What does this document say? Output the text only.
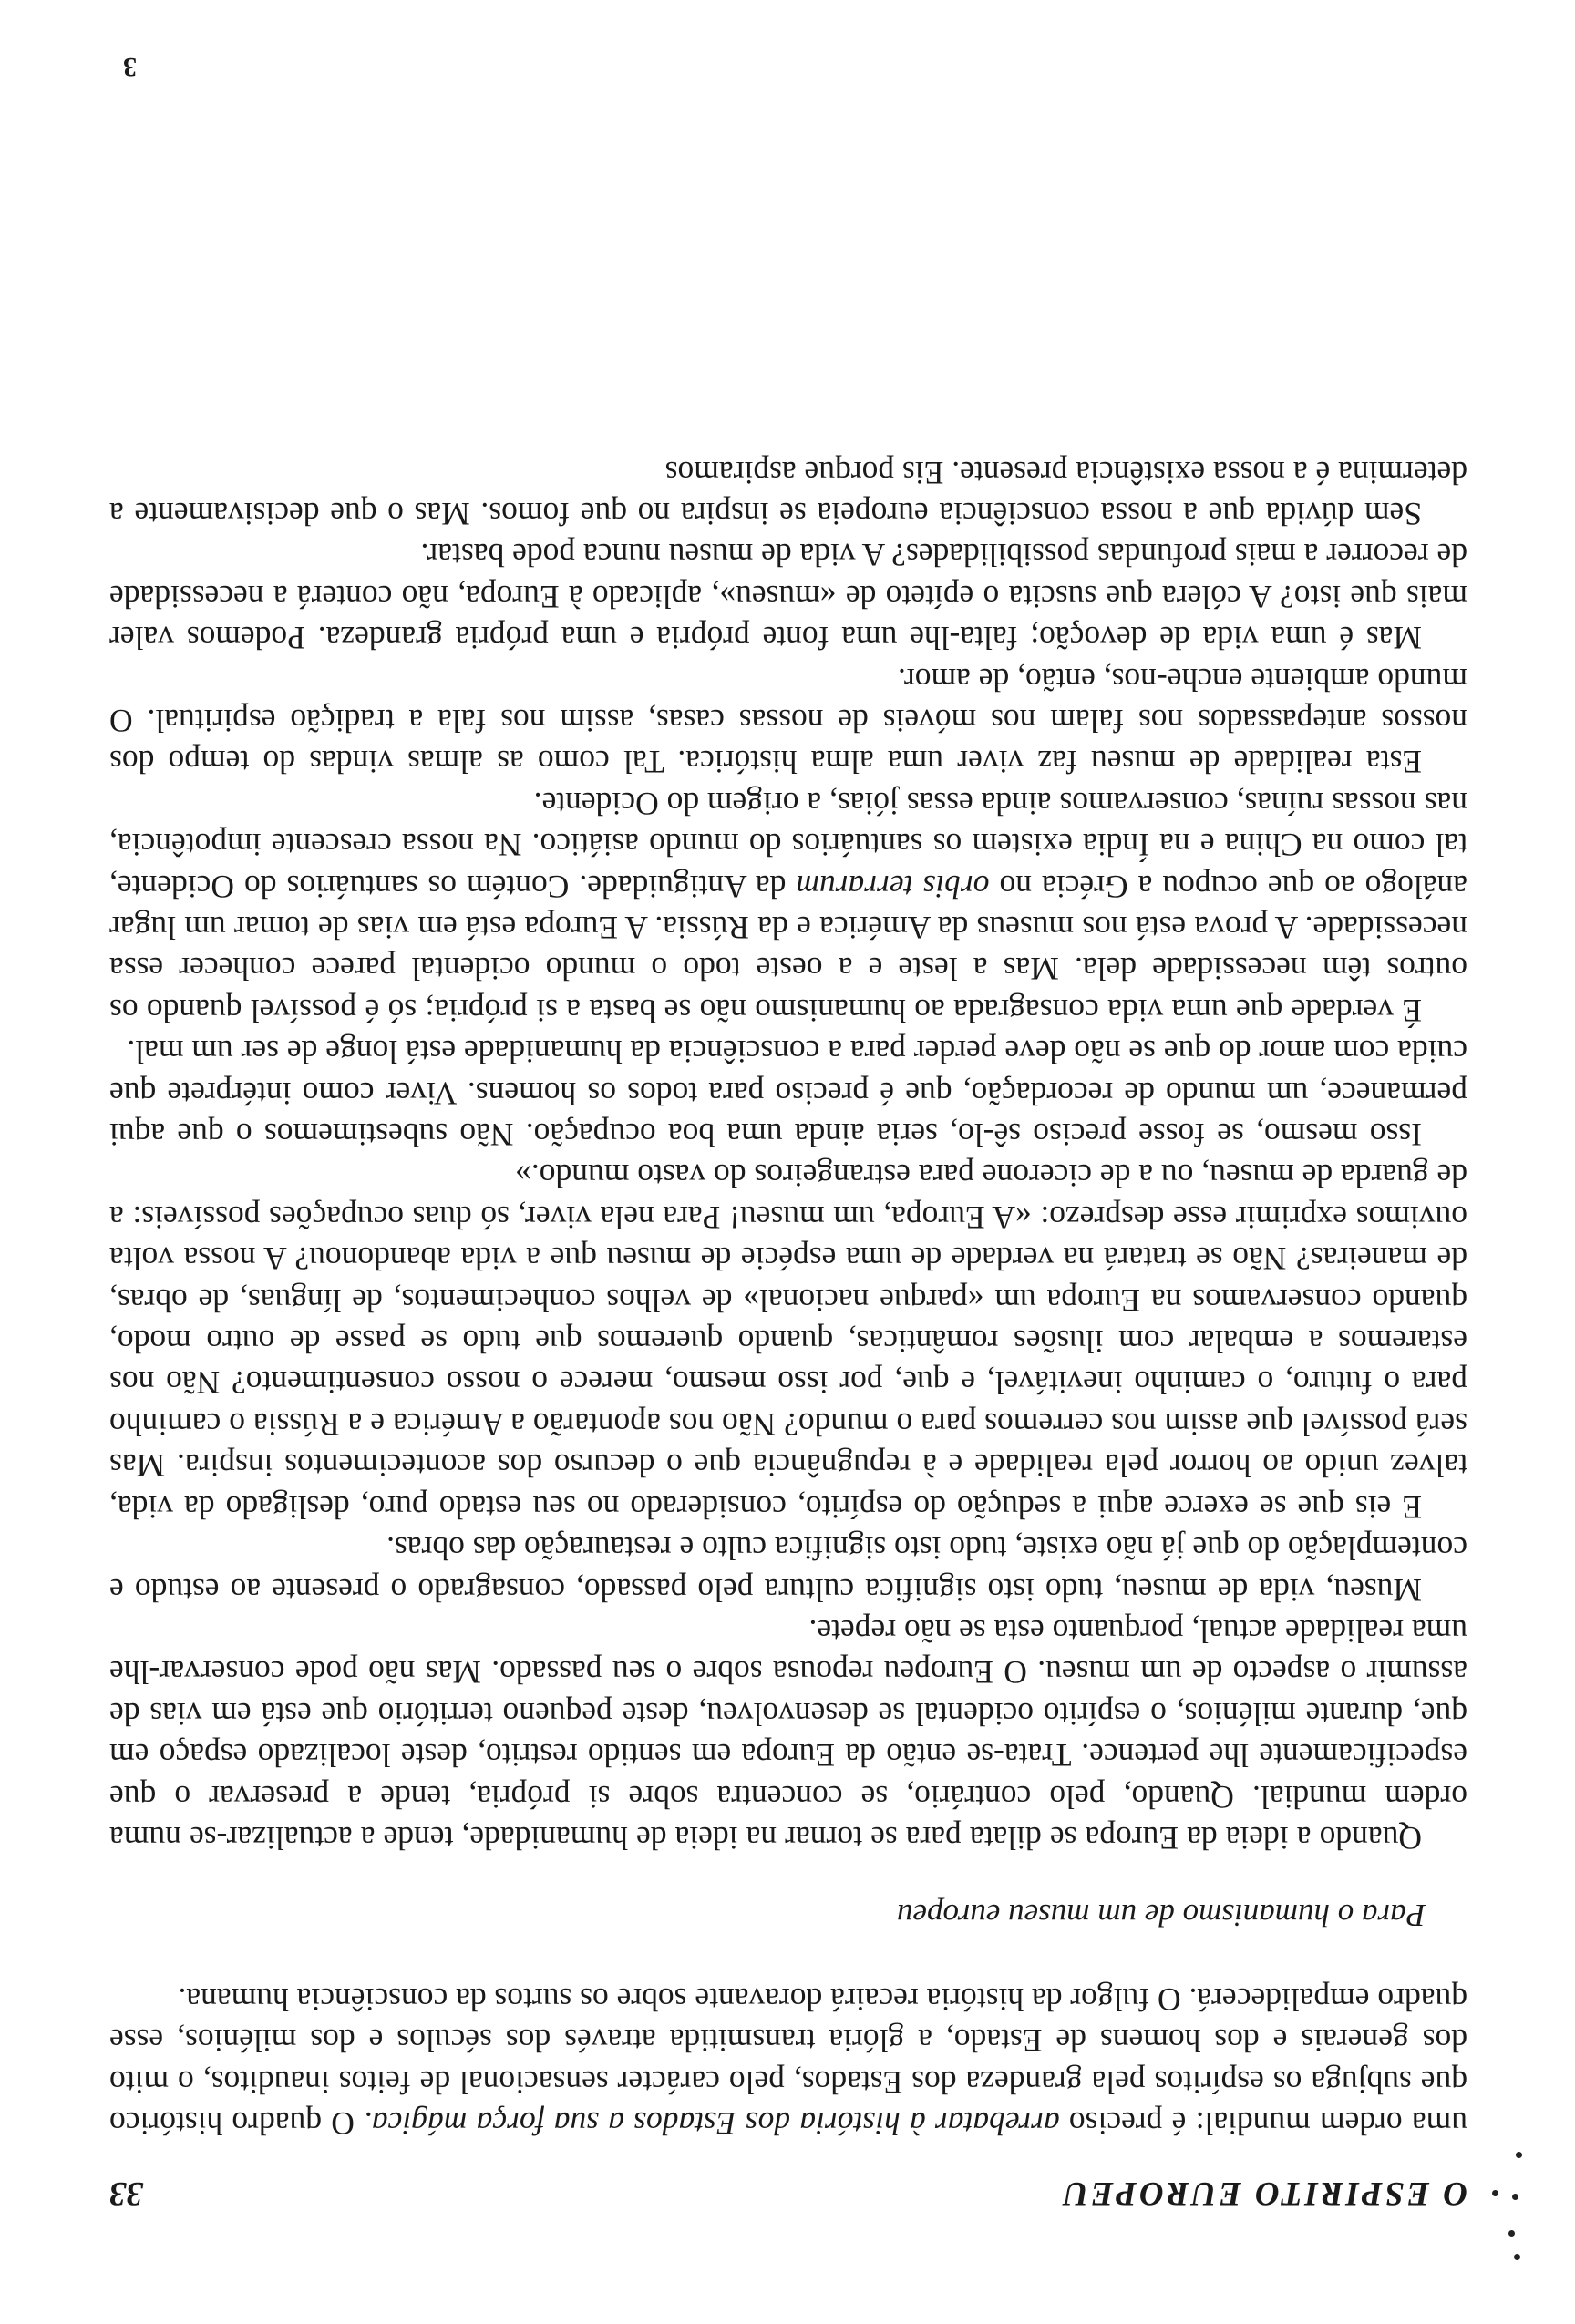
O ESPIRITO EUROPEU
33

uma ordem mundial: é preciso arrebatar à história dos Estados a sua força mágica. O quadro histórico que subjuga os espíritos pela grandeza dos Estados, pelo carácter sensacional de feitos inauditos, o mito dos generais e dos homens de Estado, a glória transmitida através dos séculos e dos milénios, esse quadro empalidecerá. O fulgor da história recairá doravante sobre os surtos da consciência humana.

Para o humanismo de um museu europeu

Quando a ideia da Europa se dilata para se tornar na ideia de humanidade, tende a actualizar-se numa ordem mundial. Quando, pelo contrário, se concentra sobre si própria, tende a preservar o que especificamente lhe pertence. Trata-se então da Europa em sentido restrito, deste localizado espaço em que, durante milénios, o espírito ocidental se desenvolveu, deste pequeno território que está em vias de assumir o aspecto de um museu. O Europeu repousa sobre o seu passado. Mas não pode conservar-lhe uma realidade actual, porquanto esta se não repete.

Museu, vida de museu, tudo isto significa cultura pelo passado, consagrado o presente ao estudo e contemplação do que já não existe, tudo isto significa culto e restauração das obras.

E eis que se exerce aqui a sedução do espírito, considerado no seu estado puro, desligado da vida, talvez unido ao horror pela realidade e à repugnância que o decurso dos acontecimentos inspira. Mas será possível que assim nos cerremos para o mundo? Não nos apontarão a América e a Rússia o caminho para o futuro, o caminho inevitável, e que, por isso mesmo, merece o nosso consentimento? Não nos estaremos a embalar com ilusões românticas, quando queremos que tudo se passe de outro modo, quando conservamos na Europa um «parque nacional» de velhos conhecimentos, de línguas, de obras, de maneiras? Não se tratará na verdade de uma espécie de museu que a vida abandonou? A nossa volta ouvimos exprimir esse desprezo: «A Europa, um museu! Para nela viver, só duas ocupações possíveis: a de guarda de museu, ou a de cicerone para estrangeiros do vasto mundo.»

Isso mesmo, se fosse preciso sê-lo, seria ainda uma boa ocupação. Não subestimemos o que aqui permanece, um mundo de recordação, que é preciso para todos os homens. Viver como intérprete que cuida com amor do que se não deve perder para a consciência da humanidade está longe de ser um mal.

É verdade que uma vida consagrada ao humanismo não se basta a si própria; só é possível quando os outros têm necessidade dela. Mas a leste e a oeste todo o mundo ocidental parece conhecer essa necessidade. A prova está nos museus da América e da Rússia. A Europa está em vias de tomar um lugar análogo ao que ocupou a Grécia no orbis terrarum da Antiguidade. Contém os santuários do Ocidente, tal como na China e na Índia existem os santuários do mundo asiático. Na nossa crescente impotência, nas nossas ruínas, conservamos ainda essas jóias, a origem do Ocidente.

Esta realidade de museu faz viver uma alma histórica. Tal como as almas vindas do tempo dos nossos antepassados nos falam nos móveis de nossas casas, assim nos fala a tradição espiritual. O mundo ambiente enche-nos, então, de amor.

Mas é uma vida de devoção; falta-lhe uma fonte própria e uma própria grandeza. Podemos valer mais que isto? A cólera que suscita o epíteto de «museu», aplicado à Europa, não conterá a necessidade de recorrer a mais profundas possibilidades? A vida de museu nunca pode bastar.

Sem dúvida que a nossa consciência europeia se inspira no que fomos. Mas o que decisivamente a determina é a nossa existência presente. Eis porque aspiramos

3
